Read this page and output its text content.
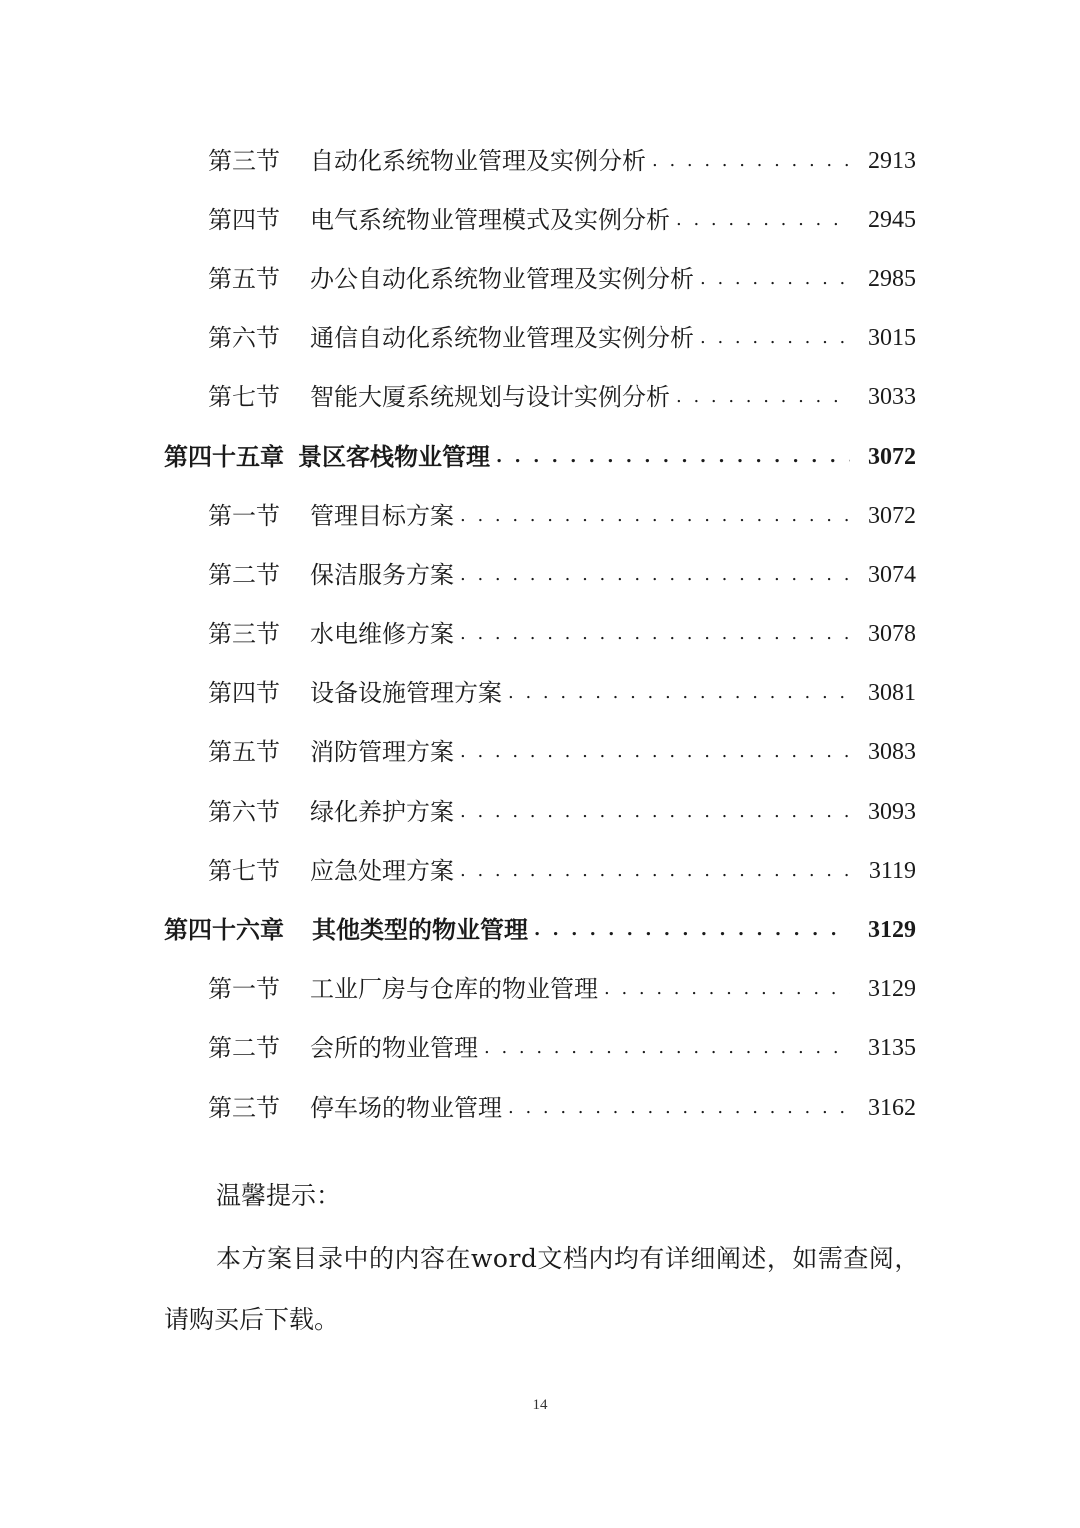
第三节	自动化系统物业管理及实例分析 . . .	2913
第四节	电气系统物业管理模式及实例分析 . . .	2945
第五节	办公自动化系统物业管理及实例分析 . . .	2985
第六节	通信自动化系统物业管理及实例分析 . . .	3015
第七节	智能大厦系统规划与设计实例分析 . . .	3033
第四十五章 景区客栈物业管理 . . .	3072
第一节	管理目标方案 . . .	3072
第二节	保洁服务方案 . . .	3074
第三节	水电维修方案 . . .	3078
第四节	设备设施管理方案 . . .	3081
第五节	消防管理方案 . . .	3083
第六节	绿化养护方案 . . .	3093
第七节	应急处理方案 . . .	3119
第四十六章 其他类型的物业管理 . . .	3129
第一节	工业厂房与仓库的物业管理 . . .	3129
第二节	会所的物业管理 . . .	3135
第三节	停车场的物业管理 . . .	3162
温馨提示：
本方案目录中的内容在word文档内均有详细阐述，如需查阅，
请购买后下载。
14
